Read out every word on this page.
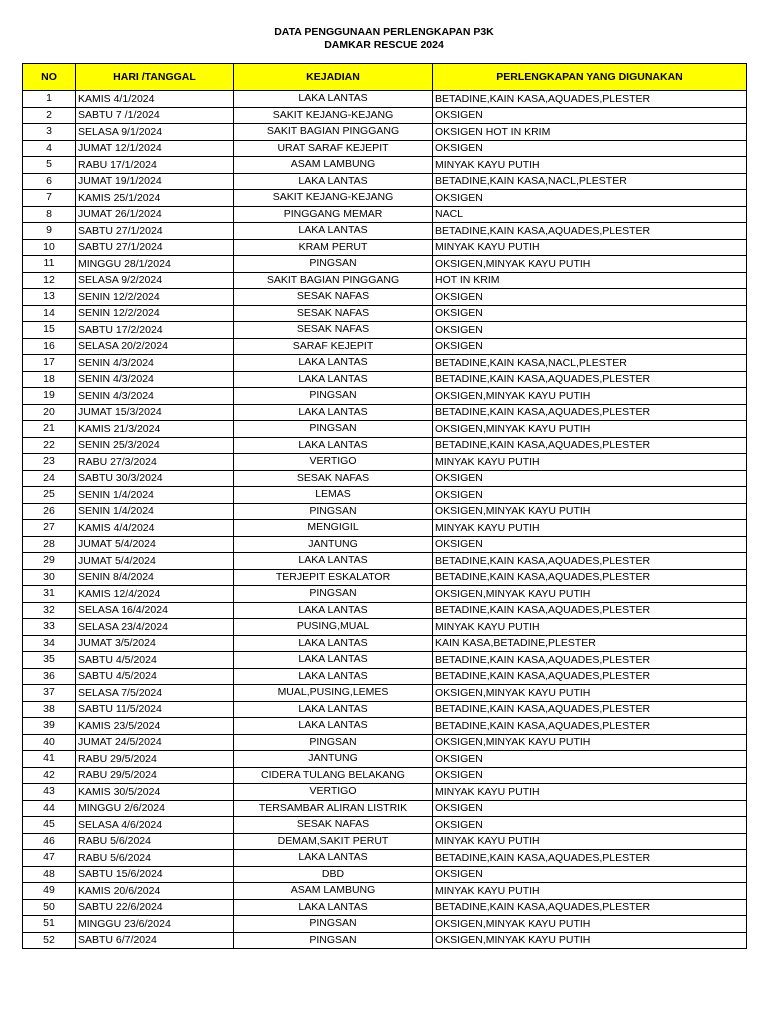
DATA PENGGUNAAN PERLENGKAPAN P3K
DAMKAR RESCUE 2024
NO	HARI /TANGGAL	KEJADIAN	PERLENGKAPAN YANG DIGUNAKAN
1	KAMIS 4/1/2024	LAKA LANTAS	BETADINE,KAIN KASA,AQUADES,PLESTER
2	SABTU 7 /1/2024	SAKIT KEJANG-KEJANG	OKSIGEN
3	SELASA 9/1/2024	SAKIT BAGIAN PINGGANG	OKSIGEN HOT IN KRIM
4	JUMAT 12/1/2024	URAT SARAF KEJEPIT	OKSIGEN
5	RABU 17/1/2024	ASAM LAMBUNG	MINYAK KAYU PUTIH
6	JUMAT 19/1/2024	LAKA LANTAS	BETADINE,KAIN KASA,NACL,PLESTER
7	KAMIS 25/1/2024	SAKIT KEJANG-KEJANG	OKSIGEN
8	JUMAT 26/1/2024	PINGGANG MEMAR	NACL
9	SABTU 27/1/2024	LAKA LANTAS	BETADINE,KAIN KASA,AQUADES,PLESTER
10	SABTU 27/1/2024	KRAM PERUT	MINYAK KAYU PUTIH
11	MINGGU 28/1/2024	PINGSAN	OKSIGEN,MINYAK KAYU PUTIH
12	SELASA 9/2/2024	SAKIT BAGIAN PINGGANG	HOT IN KRIM
13	SENIN 12/2/2024	SESAK NAFAS	OKSIGEN
14	SENIN 12/2/2024	SESAK NAFAS	OKSIGEN
15	SABTU 17/2/2024	SESAK NAFAS	OKSIGEN
16	SELASA 20/2/2024	SARAF KEJEPIT	OKSIGEN
17	SENIN 4/3/2024	LAKA LANTAS	BETADINE,KAIN KASA,NACL,PLESTER
18	SENIN 4/3/2024	LAKA LANTAS	BETADINE,KAIN KASA,AQUADES,PLESTER
19	SENIN 4/3/2024	PINGSAN	OKSIGEN,MINYAK KAYU PUTIH
20	JUMAT 15/3/2024	LAKA LANTAS	BETADINE,KAIN KASA,AQUADES,PLESTER
21	KAMIS 21/3/2024	PINGSAN	OKSIGEN,MINYAK KAYU PUTIH
22	SENIN 25/3/2024	LAKA LANTAS	BETADINE,KAIN KASA,AQUADES,PLESTER
23	RABU 27/3/2024	VERTIGO	MINYAK KAYU PUTIH
24	SABTU 30/3/2024	SESAK NAFAS	OKSIGEN
25	SENIN 1/4/2024	LEMAS	OKSIGEN
26	SENIN 1/4/2024	PINGSAN	OKSIGEN,MINYAK KAYU PUTIH
27	KAMIS 4/4/2024	MENGIGIL	MINYAK KAYU PUTIH
28	JUMAT 5/4/2024	JANTUNG	OKSIGEN
29	JUMAT 5/4/2024	LAKA LANTAS	BETADINE,KAIN KASA,AQUADES,PLESTER
30	SENIN 8/4/2024	TERJEPIT ESKALATOR	BETADINE,KAIN KASA,AQUADES,PLESTER
31	KAMIS 12/4/2024	PINGSAN	OKSIGEN,MINYAK KAYU PUTIH
32	SELASA 16/4/2024	LAKA LANTAS	BETADINE,KAIN KASA,AQUADES,PLESTER
33	SELASA 23/4/2024	PUSING,MUAL	MINYAK KAYU PUTIH
34	JUMAT 3/5/2024	LAKA LANTAS	KAIN KASA,BETADINE,PLESTER
35	SABTU 4/5/2024	LAKA LANTAS	BETADINE,KAIN KASA,AQUADES,PLESTER
36	SABTU 4/5/2024	LAKA LANTAS	BETADINE,KAIN KASA,AQUADES,PLESTER
37	SELASA 7/5/2024	MUAL,PUSING,LEMES	OKSIGEN,MINYAK KAYU PUTIH
38	SABTU 11/5/2024	LAKA LANTAS	BETADINE,KAIN KASA,AQUADES,PLESTER
39	KAMIS 23/5/2024	LAKA LANTAS	BETADINE,KAIN KASA,AQUADES,PLESTER
40	JUMAT 24/5/2024	PINGSAN	OKSIGEN,MINYAK KAYU PUTIH
41	RABU 29/5/2024	JANTUNG	OKSIGEN
42	RABU 29/5/2024	CIDERA TULANG BELAKANG	OKSIGEN
43	KAMIS 30/5/2024	VERTIGO	MINYAK KAYU PUTIH
44	MINGGU 2/6/2024	TERSAMBAR ALIRAN LISTRIK	OKSIGEN
45	SELASA 4/6/2024	SESAK NAFAS	OKSIGEN
46	RABU 5/6/2024	DEMAM,SAKIT PERUT	MINYAK KAYU PUTIH
47	RABU 5/6/2024	LAKA LANTAS	BETADINE,KAIN KASA,AQUADES,PLESTER
48	SABTU 15/6/2024	DBD	OKSIGEN
49	KAMIS 20/6/2024	ASAM LAMBUNG	MINYAK KAYU PUTIH
50	SABTU 22/6/2024	LAKA LANTAS	BETADINE,KAIN KASA,AQUADES,PLESTER
51	MINGGU 23/6/2024	PINGSAN	OKSIGEN,MINYAK KAYU PUTIH
52	SABTU 6/7/2024	PINGSAN	OKSIGEN,MINYAK KAYU PUTIH
